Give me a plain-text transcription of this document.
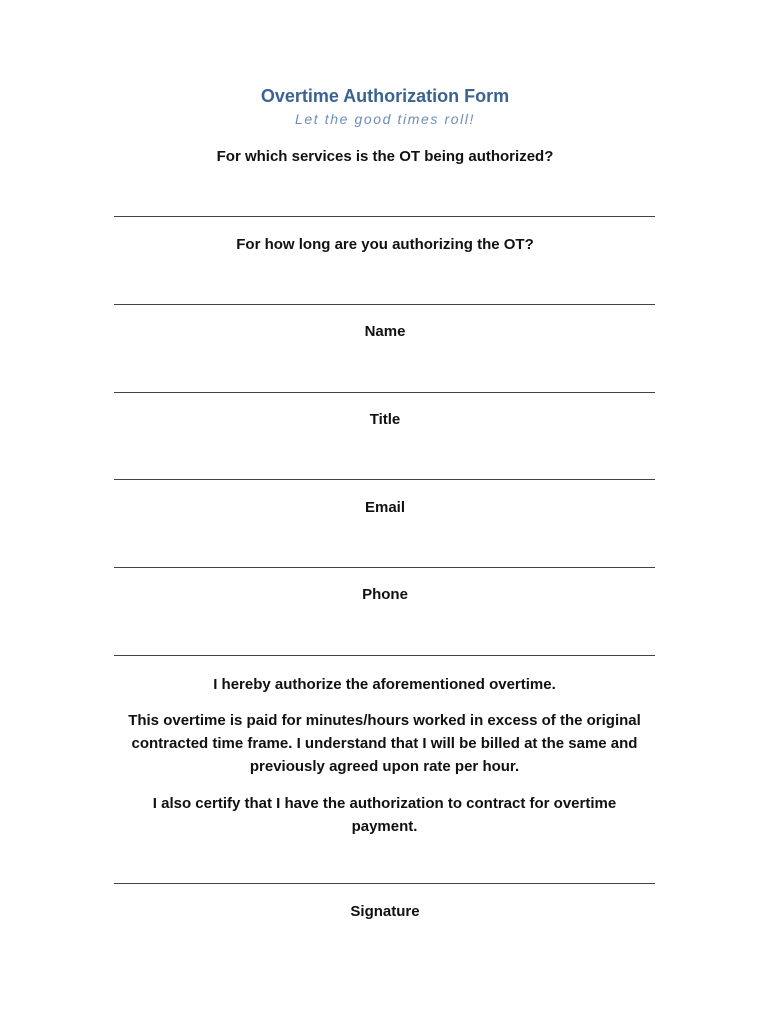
Overtime Authorization Form
Let the good times roll!
For which services is the OT being authorized?
For how long are you authorizing the OT?
Name
Title
Email
Phone
I hereby authorize the aforementioned overtime.
This overtime is paid for minutes/hours worked in excess of the original contracted time frame. I understand that I will be billed at the same and previously agreed upon rate per hour.
I also certify that I have the authorization to contract for overtime payment.
Signature
